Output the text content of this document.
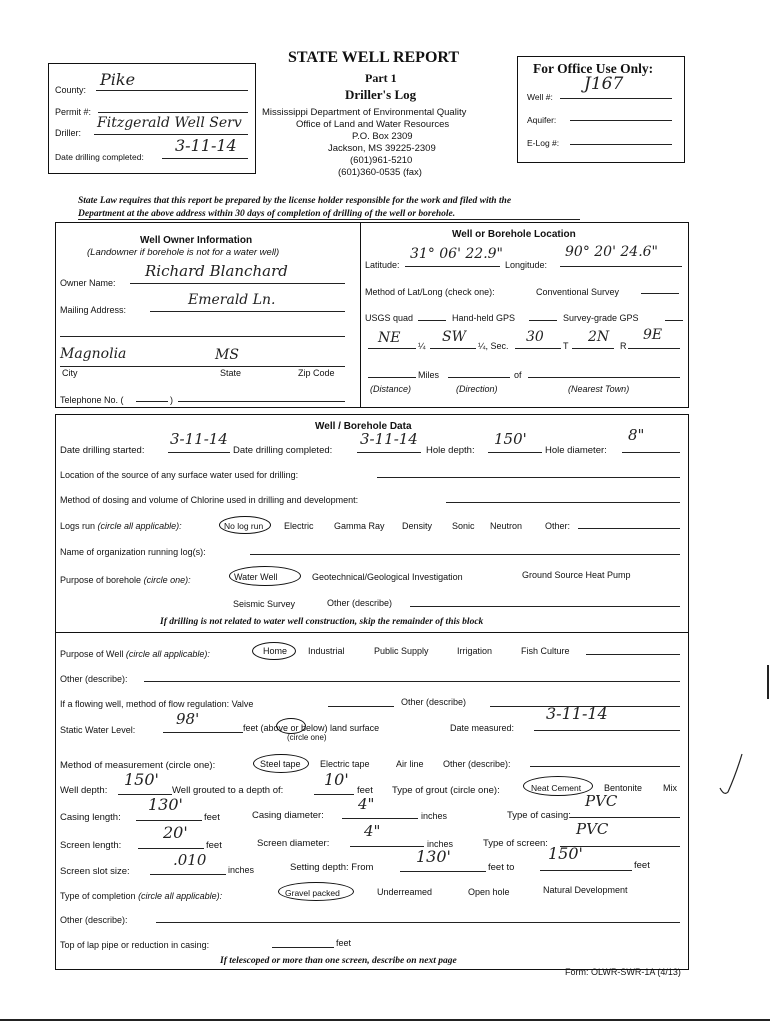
STATE WELL REPORT
Part 1
Driller's Log
Mississippi Department of Environmental Quality
Office of Land and Water Resources
P.O. Box 2309
Jackson, MS 39225-2309
(601)961-5210
(601)360-0535 (fax)
County:
Pike
Permit #:
Driller:
Fitzgerald Well Serv
Date drilling completed:
3-11-14
For Office Use Only:
Well #:
J167
Aquifer:
E-Log #:
State Law requires that this report be prepared by the license holder responsible for the work and filed with the
Department at the above address within 30 days of completion of drilling of the well or borehole.
Well Owner Information
(Landowner if borehole is not for a water well)
Owner Name:
Richard Blanchard
Mailing Address:
Emerald Ln.
Magnolia	MS
City	State	Zip Code
Telephone No. (	)
Well or Borehole Location
Latitude:
31° 06' 22.9"
Longitude:
90° 20' 24.6"
Method of Lat/Long (check one):	Conventional Survey
USGS quad	Hand-held GPS	Survey-grade GPS
NE ¼
SW
¼, Sec.
30
T
2N
R
9E
Miles	of
(Distance)	(Direction)	(Nearest Town)
Well / Borehole Data
Date drilling started:
3-11-14
Date drilling completed:
3-11-14
Hole depth:
150'
Hole diameter:
8"
Location of the source of any surface water used for drilling:
Method of dosing and volume of Chlorine used in drilling and development:
Logs run (circle all applicable):	No log run Electric Gamma Ray Density Sonic Neutron	Other:
Name of organization running log(s):
Purpose of borehole (circle one):	Water Well	Geotechnical/Geological Investigation	Ground Source Heat Pump
Seismic Survey	Other (describe)
If drilling is not related to water well construction, skip the remainder of this block
Purpose of Well (circle all applicable):	Home Industrial	Public Supply	Irrigation	Fish Culture
Other (describe):
If a flowing well, method of flow regulation: Valve	Other (describe)
Static Water Level:
98'	feet (above or below) land surface
(circle one)
Date measured:
3-11-14
Method of measurement (circle one):	Steel tape Electric tape	Air line Other (describe):
Well depth:
150'
Well grouted to a depth of:
10'
feet Type of grout (circle one):	Neat Cement	Bentonite Mix
Casing length:
130'
feet	Casing diameter:
4"
inches	Type of casing:
PVC
Screen length:
20'
feet	Screen diameter:
4"
inches	Type of screen:
PVC
Screen slot size:
.010
inches	Setting depth: From
130'
feet to
150'
feet
Type of completion (circle all applicable):	Gravel packed	Underreamed	Open hole	Natural Development
Other (describe):
Top of lap pipe or reduction in casing:	feet
If telescoped or more than one screen, describe on next page
Form: OLWR-SWR-1A (4/13)
